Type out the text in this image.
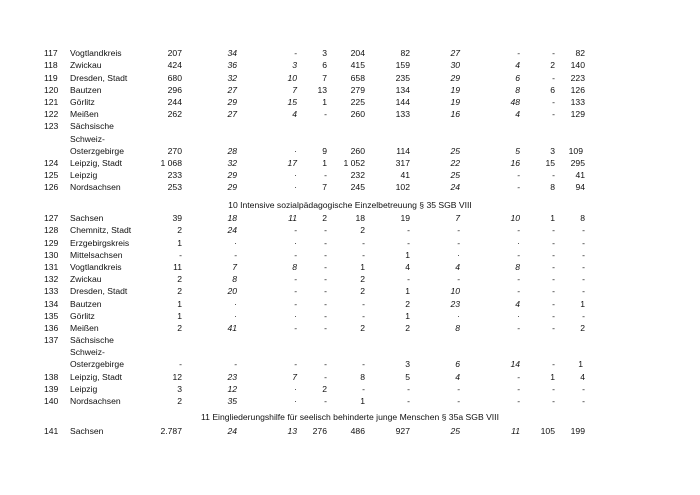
117	Vogtlandkreis	207	34	-	3	204	82	27	-	-	82
118	Zwickau	424	36	3	6	415	159	30	4	2	140
119	Dresden, Stadt	680	32	10	7	658	235	29	6	-	223
120	Bautzen	296	27	7	13	279	134	19	8	6	126
121	Görlitz	244	29	15	1	225	144	19	48	-	133
122	Meißen	262	27	4	-	260	133	16	4	-	129
123	Sächsische										
	Schweiz-										
	Osterzgebirge	270	28	·	9	260	114	25	5	3	109
124	Leipzig, Stadt	1 068	32	17	1	1 052	317	22	16	15	295
125	Leipzig	233	29	·	-	232	41	25	-	-	41
126	Nordsachsen	253	29	·	7	245	102	24	-	8	94
10 Intensive sozialpädagogische Einzelbetreuung § 35 SGB VIII
127	Sachsen	39	18	11	2	18	19	7	10	1	8
128	Chemnitz, Stadt	2	24	-	-	2	-	-	-	-	-
129	Erzgebirgskreis	1	·	·	-	-	-	-	·	-	-
130	Mittelsachsen	-	-	-	-	-	1	·	-	-	-
131	Vogtlandkreis	11	7	8	-	1	4	4	8	-	-
132	Zwickau	2	8	-	-	2	-	-	-	-	-
133	Dresden, Stadt	2	20	-	-	2	1	10	-	-	-
134	Bautzen	1	·	-	-	-	2	23	4	-	1
135	Görlitz	1	·	·	-	-	1	·	·	-	-
136	Meißen	2	41	-	-	2	2	8	-	-	2
137	Sächsische										
	Schweiz-										
	Osterzgebirge	-	-	-	-	-	3	6	14	-	1
138	Leipzig, Stadt	12	23	7	-	8	5	4	-	1	4
139	Leipzig	3	12	·	2	-	-	-	-	-	-
140	Nordsachsen	2	35	·	-	1	-	-	-	-	-
11 Eingliederungshilfe für seelisch behinderte junge Menschen § 35a SGB VIII
141	Sachsen	2.787	24	13	276	486	927	25	11	105	199
